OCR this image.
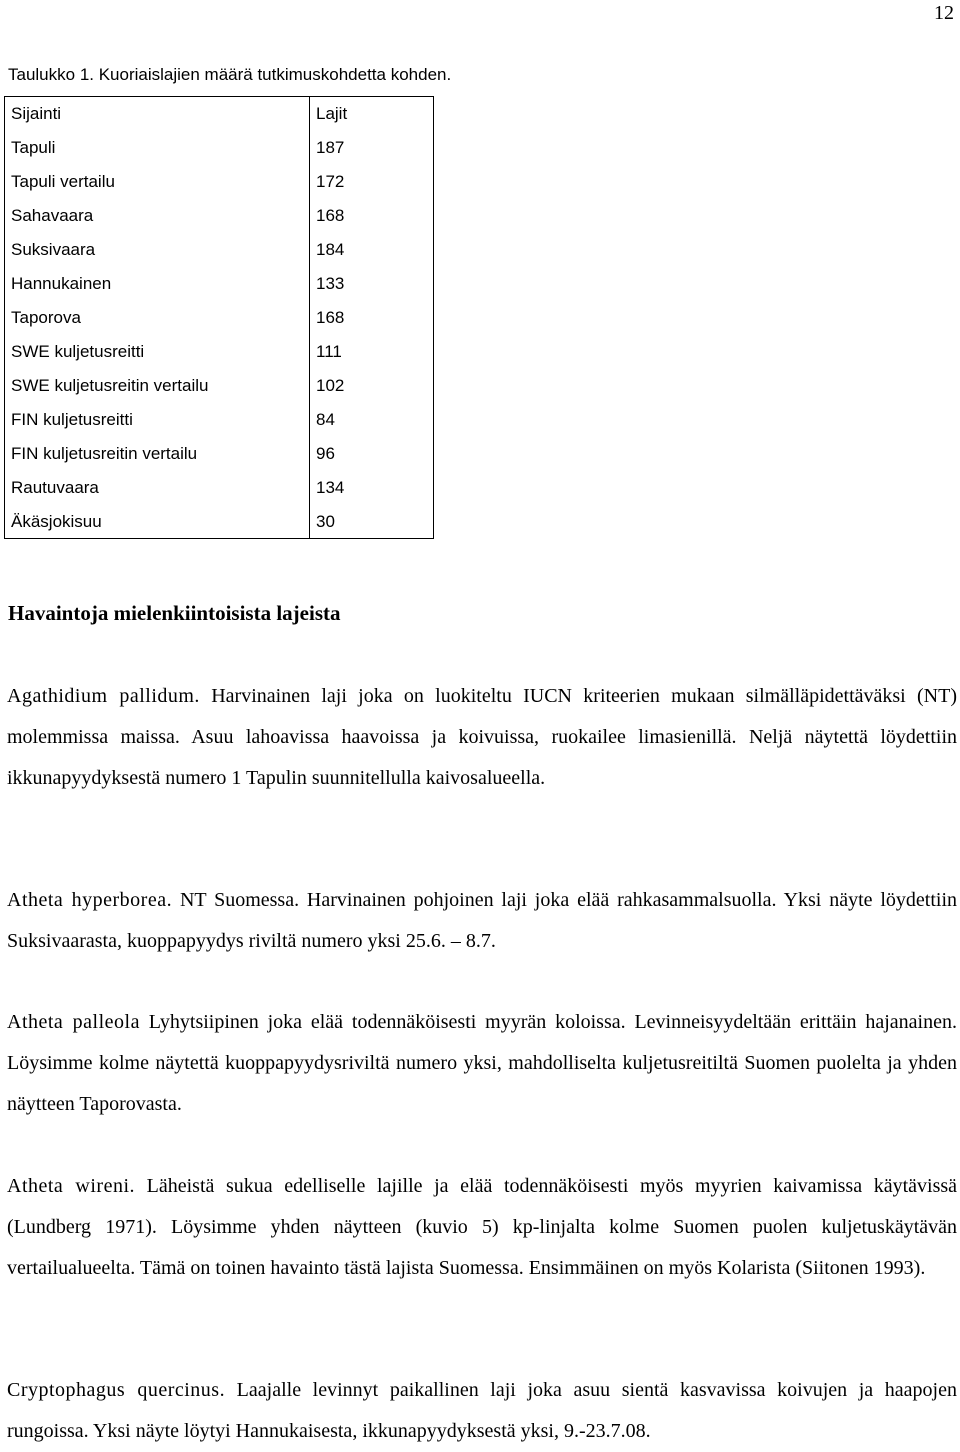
12
Taulukko 1. Kuoriaislajien määrä tutkimuskohdetta kohden.
Sijainti	Lajit
Tapuli	187
Tapuli vertailu	172
Sahavaara	168
Suksivaara	184
Hannukainen	133
Taporova	168
SWE kuljetusreitti	111
SWE kuljetusreitin vertailu	102
FIN kuljetusreitti	84
FIN kuljetusreitin vertailu	96
Rautuvaara	134
Äkäsjokisuu	30
Havaintoja mielenkiintoisista lajeista

Agathidium pallidum. Harvinainen laji joka on luokiteltu IUCN kriteerien mukaan silmälläpidettäväksi (NT) molemmissa maissa. Asuu lahoavissa haavoissa ja koivuissa, ruokailee limasienillä. Neljä näytettä löydettiin ikkunapyydyksestä numero 1 Tapulin suunnitellulla kaivosalueella.

Atheta hyperborea. NT Suomessa. Harvinainen pohjoinen laji joka elää rahkasammalsuolla. Yksi näyte löydettiin Suksivaarasta, kuoppapyydys riviltä numero yksi 25.6. – 8.7.

Atheta palleola Lyhytsiipinen joka elää todennäköisesti myyrän koloissa. Levinneisyydeltään erittäin hajanainen. Löysimme kolme näytettä kuoppapyydysriviltä numero yksi, mahdolliselta kuljetusreitiltä Suomen puolelta ja yhden näytteen Taporovasta.

Atheta wireni. Läheistä sukua edelliselle lajille ja elää todennäköisesti myös myyrien kaivamissa käytävissä (Lundberg 1971). Löysimme yhden näytteen (kuvio 5) kp-linjalta kolme Suomen puolen kuljetuskäytävän vertailualueelta. Tämä on toinen havainto tästä lajista Suomessa. Ensimmäinen on myös Kolarista (Siitonen 1993).

Cryptophagus quercinus. Laajalle levinnyt paikallinen laji joka asuu sientä kasvavissa koivujen ja haapojen rungoissa. Yksi näyte löytyi Hannukaisesta, ikkunapyydyksestä yksi, 9.-23.7.08.
